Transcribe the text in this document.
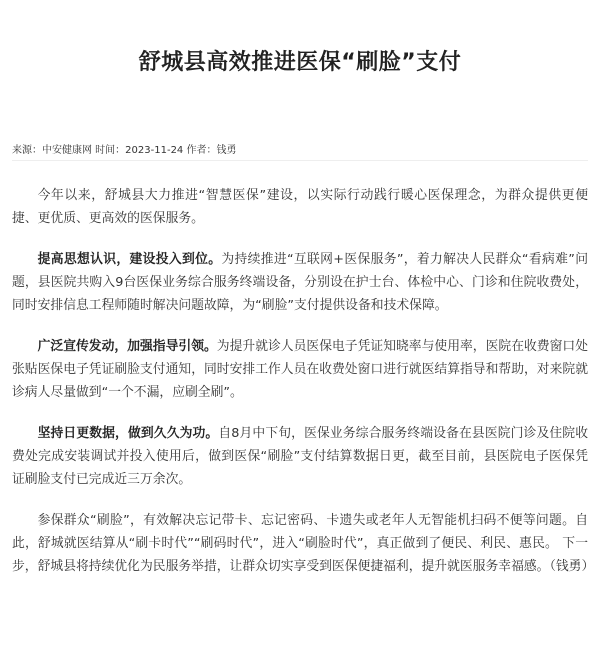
舒城县高效推进医保“刷脸”支付
来源：中安健康网 时间：2023-11-24 作者：钱勇

今年以来，舒城县大力推进“智慧医保”建设，以实际行动践行暖心医保理念，为群众提供更便捷、更优质、更高效的医保服务。

提高思想认识，建设投入到位。为持续推进“互联网+医保服务”，着力解决人民群众“看病难”问题，县医院共购入9台医保业务综合服务终端设备，分别设在护士台、体检中心、门诊和住院收费处，同时安排信息工程师随时解决问题故障，为“刷脸”支付提供设备和技术保障。

广泛宣传发动，加强指导引领。为提升就诊人员医保电子凭证知晓率与使用率，医院在收费窗口处张贴医保电子凭证刷脸支付通知，同时安排工作人员在收费处窗口进行就医结算指导和帮助，对来院就诊病人尽量做到“一个不漏，应刷全刷”。

坚持日更数据，做到久久为功。自8月中下旬，医保业务综合服务终端设备在县医院门诊及住院收费处完成安装调试并投入使用后，做到医保“刷脸”支付结算数据日更，截至目前，县医院电子医保凭证刷脸支付已完成近三万余次。

参保群众“刷脸”，有效解决忘记带卡、忘记密码、卡遗失或老年人无智能机扫码不便等问题。自此，舒城就医结算从“刷卡时代”“刷码时代”，进入“刷脸时代”，真正做到了便民、利民、惠民。 下一步，舒城县将持续优化为民服务举措，让群众切实享受到医保便捷福利，提升就医服务幸福感。（钱勇）
